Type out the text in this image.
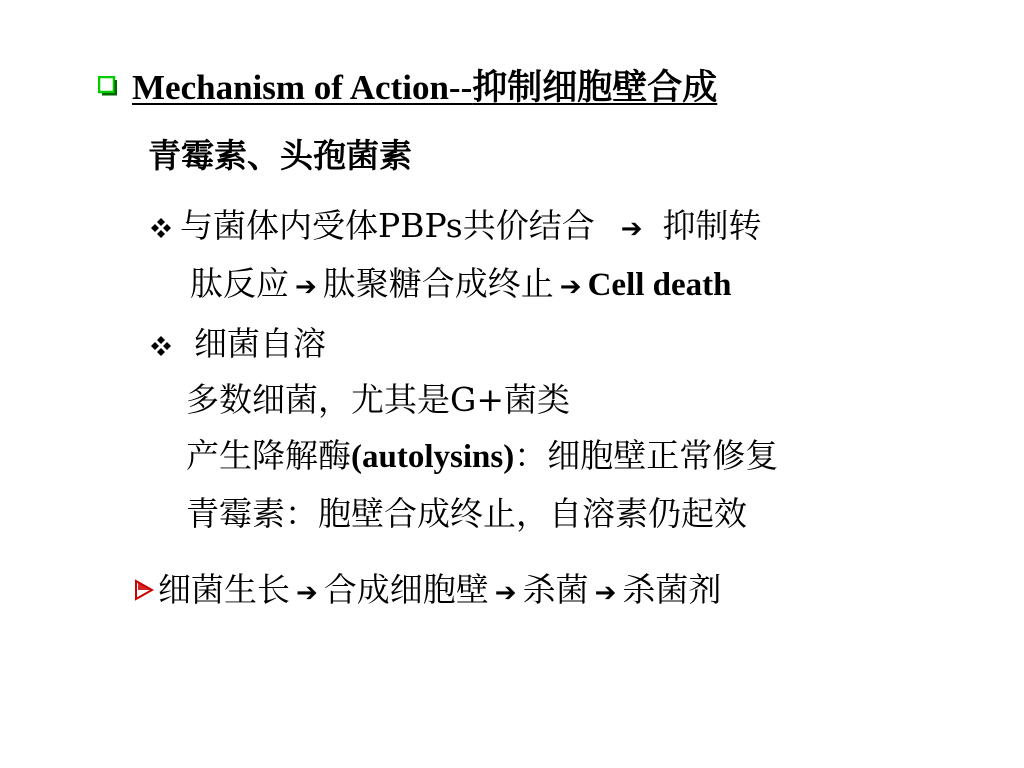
Mechanism of Action--抑制细胞壁合成
青霉素、头孢菌素
与菌体内受体PBPs共价结合 ➔ 抑制转
肽反应 ➔ 肽聚糖合成终止 ➔ Cell death
细菌自溶
多数细菌，尤其是G+菌类
产生降解酶(autolysins)：细胞壁正常修复
青霉素：胞壁合成终止，自溶素仍起效
细菌生长 ➔ 合成细胞壁 ➔ 杀菌 ➔ 杀菌剂
